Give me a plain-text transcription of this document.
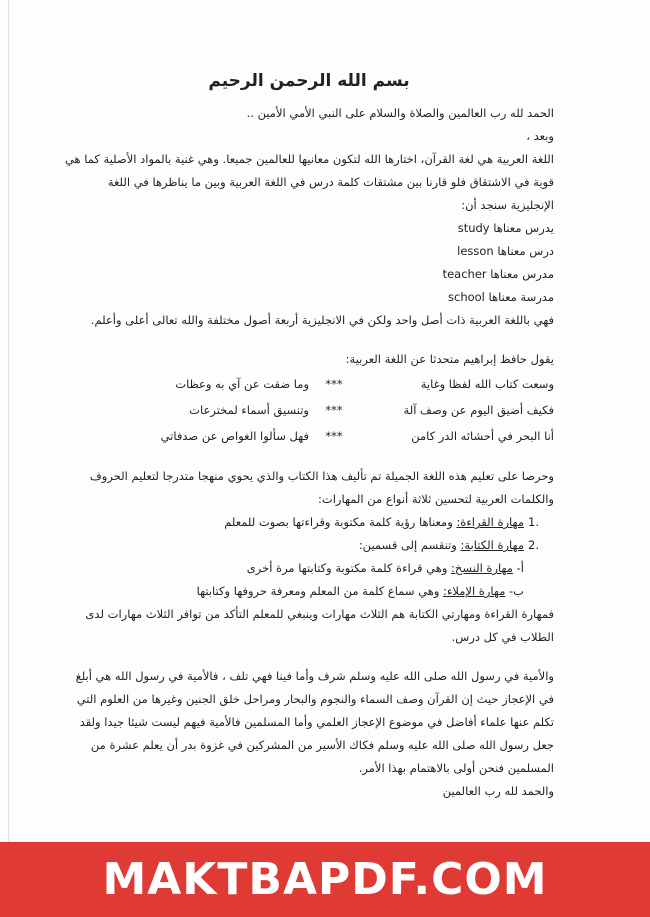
بسم الله الرحمن الرحيم

الحمد لله رب العالمين والصلاة والسلام على النبي الأمي الأمين ..

وبعد ،

اللغة العربية هي لغة القرآن، اختارها الله لتكون معانيها للعالمين جميعا. وهي غنية بالمواد الأصلية كما هي قوية في الاشتقاق فلو قارنا بين مشتقات كلمة درس في اللغة العربية وبين ما يناظرها في اللغة الإنجليزية سنجد أن:

يدرس معناها study
درس معناها lesson
مدرس معناها teacher
مدرسة معناها school

فهي باللغة العربية ذات أصل واحد ولكن في الانجليزية أربعة أصول مختلفة والله تعالى أعلى وأعلم.

يقول حافظ إبراهيم متحدثا عن اللغة العربية:

وسعت كتاب الله لفظا وغاية
***
وما ضقت عن آي به وعظات
فكيف أضيق اليوم عن وصف آلة
***
وتنسيق أسماء لمخترعات
أنا البحر في أحشائه الدر كامن
***
فهل سألوا الغواص عن صدفاتي

وحرصا على تعليم هذه اللغة الجميلة تم تأليف هذا الكتاب والذي يحوي منهجا متدرجا لتعليم الحروف والكلمات العربية لتحسين ثلاثة أنواع من المهارات:

.1
مهارة القراءة: ومعناها رؤية كلمة مكتوبة وقراءتها بصوت للمعلم
.2
مهارة الكتابة: وتنقسم إلى قسمين:
أ- مهارة النسخ: وهي قراءة كلمة مكتوبة وكتابتها مرة أخرى
ب- مهارة الإملاء: وهي سماع كلمة من المعلم ومعرفة حروفها وكتابتها

فمهارة القراءة ومهارتي الكتابة هم الثلاث مهارات وينبغي للمعلم التأكد من توافر الثلاث مهارات لدى الطلاب في كل درس.

والأمية في رسول الله صلى الله عليه وسلم شرف وأما فينا فهي تلف ، فالأمية في رسول الله هي أبلغ في الإعجاز حيث إن القرآن وصف السماء والنجوم والبحار ومراحل خلق الجنين وغيرها من العلوم التي تكلم عنها علماء أفاضل في موضوع الإعجاز العلمي وأما المسلمين فالأمية فيهم ليست شيئا جيدا ولقد جعل رسول الله صلى الله عليه وسلم فكاك الأسير من المشركين في غزوة بدر أن يعلم عشرة من المسلمين فنحن أولى بالاهتمام بهذا الأمر.

والحمد لله رب العالمين

MAKTBAPDF.COM
